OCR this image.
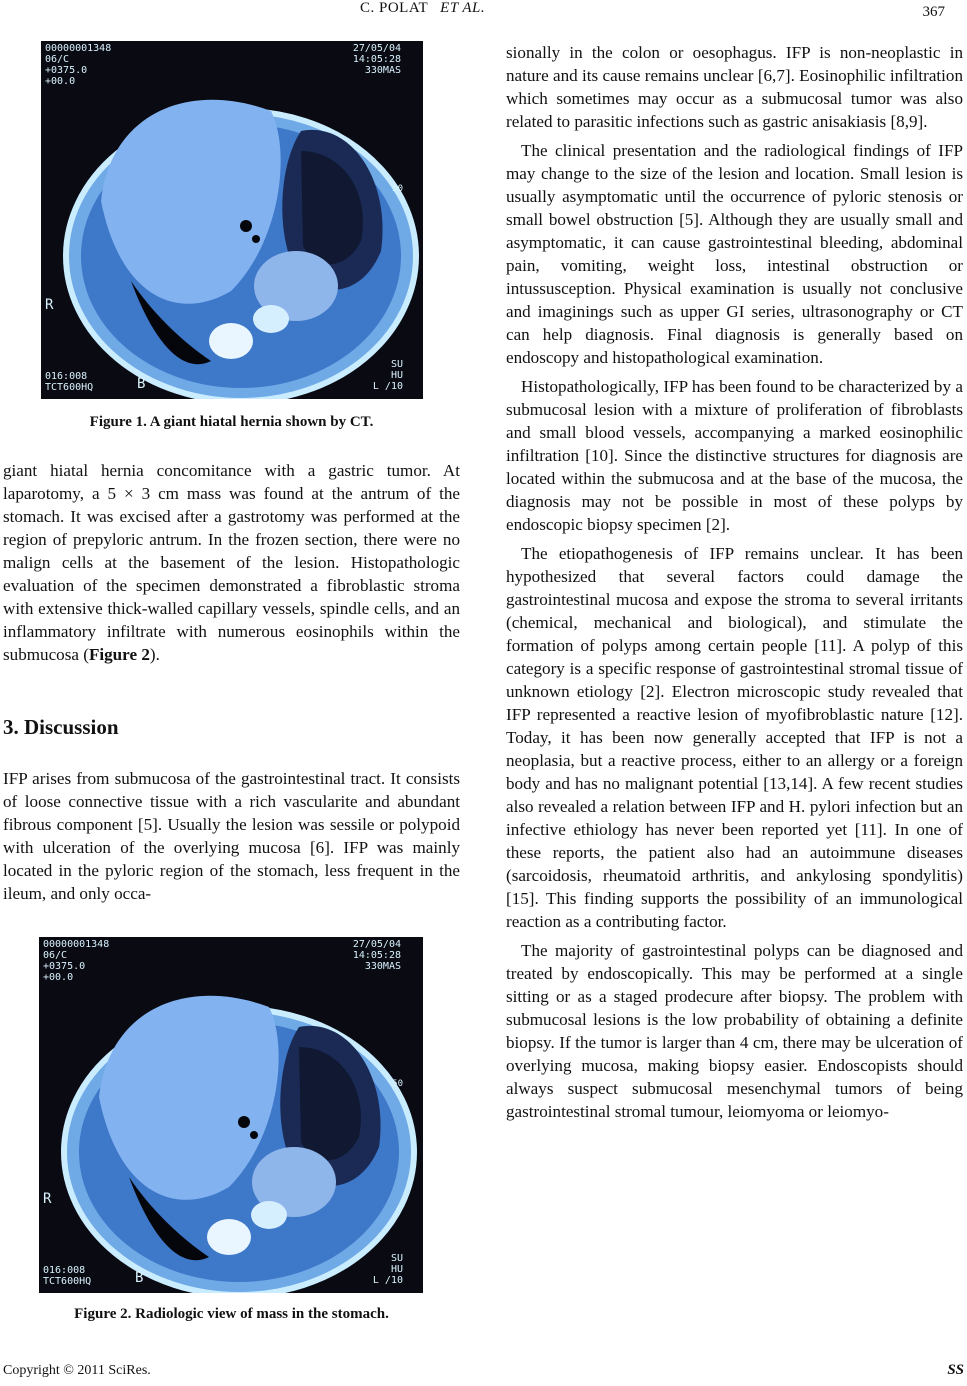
C. POLAT ET AL.	367
00000001348
06/C
+0375.0
+00.0
27/05/04
14:05:28
330MAS
R
50
016:008
TCT600HQ	B
SU
HU
L /10
Figure 1. A giant hiatal hernia shown by CT.

giant hiatal hernia concomitance with a gastric tumor. At laparotomy, a 5 × 3 cm mass was found at the antrum of the stomach. It was excised after a gastrotomy was performed at the region of prepyloric antrum. In the frozen section, there were no malign cells at the basement of the lesion. Histopathologic evaluation of the specimen demonstrated a fibroblastic stroma with extensive thick-walled capillary vessels, spindle cells, and an inflammatory infiltrate with numerous eosinophils within the submucosa (Figure 2).

3. Discussion

IFP arises from submucosa of the gastrointestinal tract. It consists of loose connective tissue with a rich vascularite and abundant fibrous component [5]. Usually the lesion was sessile or polypoid with ulceration of the overlying mucosa [6]. IFP was mainly located in the pyloric region of the stomach, less frequent in the ileum, and only occa-

00000001348
06/C
+0375.0
+00.0
27/05/04
14:05:28
330MAS
R
50
016:008
TCT600HQ	B
SU
HU
L /10
Figure 2. Radiologic view of mass in the stomach.

sionally in the colon or oesophagus. IFP is non-neoplastic in nature and its cause remains unclear [6,7]. Eosinophilic infiltration which sometimes may occur as a submucosal tumor was also related to parasitic infections such as gastric anisakiasis [8,9].

The clinical presentation and the radiological findings of IFP may change to the size of the lesion and location. Small lesion is usually asymptomatic until the occurrence of pyloric stenosis or small bowel obstruction [5]. Although they are usually small and asymptomatic, it can cause gastrointestinal bleeding, abdominal pain, vomiting, weight loss, intestinal obstruction or intussusception. Physical examination is usually not conclusive and imaginings such as upper GI series, ultrasonography or CT can help diagnosis. Final diagnosis is generally based on endoscopy and histopathological examination.

Histopathologically, IFP has been found to be characterized by a submucosal lesion with a mixture of proliferation of fibroblasts and small blood vessels, accompanying a marked eosinophilic infiltration [10]. Since the distinctive structures for diagnosis are located within the submucosa and at the base of the mucosa, the diagnosis may not be possible in most of these polyps by endoscopic biopsy specimen [2].

The etiopathogenesis of IFP remains unclear. It has been hypothesized that several factors could damage the gastrointestinal mucosa and expose the stroma to several irritants (chemical, mechanical and biological), and stimulate the formation of polyps among certain people [11]. A polyp of this category is a specific response of gastrointestinal stromal tissue of unknown etiology [2]. Electron microscopic study revealed that IFP represented a reactive lesion of myofibroblastic nature [12]. Today, it has been now generally accepted that IFP is not a neoplasia, but a reactive process, either to an allergy or a foreign body and has no malignant potential [13,14]. A few recent studies also revealed a relation between IFP and H. pylori infection but an infective ethiology has never been reported yet [11]. In one of these reports, the patient also had an autoimmune diseases (sarcoidosis, rheumatoid arthritis, and ankylosing spondylitis) [15]. This finding supports the possibility of an immunological reaction as a contributing factor.

The majority of gastrointestinal polyps can be diagnosed and treated by endoscopically. This may be performed at a single sitting or as a staged prodecure after biopsy. The problem with submucosal lesions is the low probability of obtaining a definite biopsy. If the tumor is larger than 4 cm, there may be ulceration of overlying mucosa, making biopsy easier. Endoscopists should always suspect submucosal mesenchymal tumors of being gastrointestinal stromal tumour, leiomyoma or leiomyo-

Copyright © 2011 SciRes.	SS
